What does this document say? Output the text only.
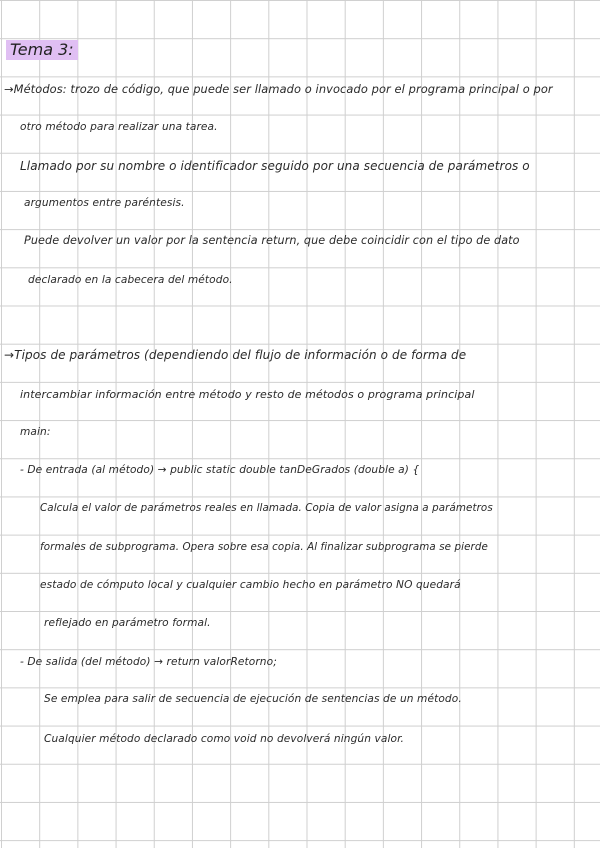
Tema 3:
→Métodos: trozo de código, que puede ser llamado o invocado por el programa principal o por
otro método para realizar una tarea.
Llamado por su nombre o identificador seguido por una secuencia de parámetros o
argumentos entre paréntesis.
Puede devolver un valor por la sentencia return, que debe coincidir con el tipo de dato
declarado en la cabecera del método.
→Tipos de parámetros (dependiendo del flujo de información o de forma de
intercambiar información entre método y resto de métodos o programa principal
main:
- De entrada (al método) → public static double tanDeGrados (double a) {
Calcula el valor de parámetros reales en llamada. Copia de valor asigna a parámetros
formales de subprograma. Opera sobre esa copia. Al finalizar subprograma se pierde
estado de cómputo local y cualquier cambio hecho en parámetro NO quedará
reflejado en parámetro formal.
- De salida (del método) → return valorRetorno;
Se emplea para salir de secuencia de ejecución de sentencias de un método.
Cualquier método declarado como void no devolverá ningún valor.
